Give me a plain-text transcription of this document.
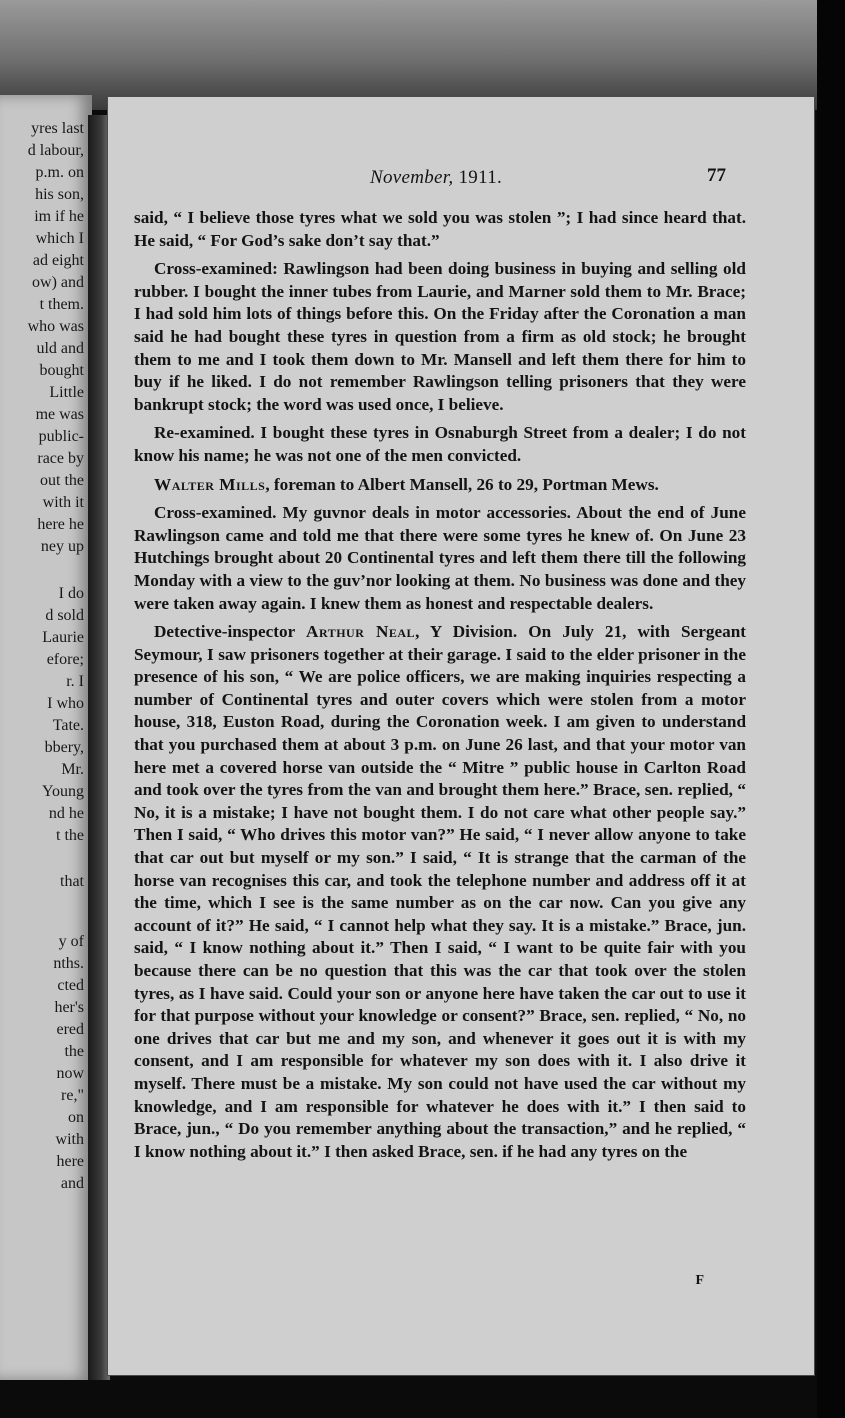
yres last
d labour,
p.m. on
his son,
im if he
which I
ad eight
ow) and
t them.
who was
uld and
bought
Little
me was
public-
race by
out the
with it
here he
ney up
I do
d sold
Laurie
efore;
r. I
I who
Tate.
bbery,
Mr.
Young
nd he
t the
that
y of
nths.
cted
her's
ered
the
now
re,"
on
with
here
and
November, 1911.	77

said, “ I believe those tyres what we sold you was stolen ”; I had since heard that. He said, “ For God’s sake don’t say that.”

Cross-examined: Rawlingson had been doing business in buying and selling old rubber. I bought the inner tubes from Laurie, and Marner sold them to Mr. Brace; I had sold him lots of things before this. On the Friday after the Coronation a man said he had bought these tyres in question from a firm as old stock; he brought them to me and I took them down to Mr. Mansell and left them there for him to buy if he liked. I do not remember Rawlingson telling prisoners that they were bankrupt stock; the word was used once, I believe.

Re-examined. I bought these tyres in Osnaburgh Street from a dealer; I do not know his name; he was not one of the men convicted.

Walter Mills, foreman to Albert Mansell, 26 to 29, Portman Mews.

Cross-examined. My guvnor deals in motor accessories. About the end of June Rawlingson came and told me that there were some tyres he knew of. On June 23 Hutchings brought about 20 Continental tyres and left them there till the following Monday with a view to the guv’nor looking at them. No business was done and they were taken away again. I knew them as honest and respectable dealers.

Detective-inspector Arthur Neal, Y Division. On July 21, with Sergeant Seymour, I saw prisoners together at their garage. I said to the elder prisoner in the presence of his son, “ We are police officers, we are making inquiries respecting a number of Continental tyres and outer covers which were stolen from a motor house, 318, Euston Road, during the Coronation week. I am given to understand that you purchased them at about 3 p.m. on June 26 last, and that your motor van here met a covered horse van outside the “ Mitre ” public house in Carlton Road and took over the tyres from the van and brought them here.” Brace, sen. replied, “ No, it is a mistake; I have not bought them. I do not care what other people say.” Then I said, “ Who drives this motor van?” He said, “ I never allow anyone to take that car out but myself or my son.” I said, “ It is strange that the carman of the horse van recognises this car, and took the telephone number and address off it at the time, which I see is the same number as on the car now. Can you give any account of it?” He said, “ I cannot help what they say. It is a mistake.” Brace, jun. said, “ I know nothing about it.” Then I said, “ I want to be quite fair with you because there can be no question that this was the car that took over the stolen tyres, as I have said. Could your son or anyone here have taken the car out to use it for that purpose without your knowledge or consent?” Brace, sen. replied, “ No, no one drives that car but me and my son, and whenever it goes out it is with my consent, and I am responsible for whatever my son does with it. I also drive it myself. There must be a mistake. My son could not have used the car without my knowledge, and I am responsible for whatever he does with it.” I then said to Brace, jun., “ Do you remember anything about the transaction,” and he replied, “ I know nothing about it.” I then asked Brace, sen. if he had any tyres on the

F
